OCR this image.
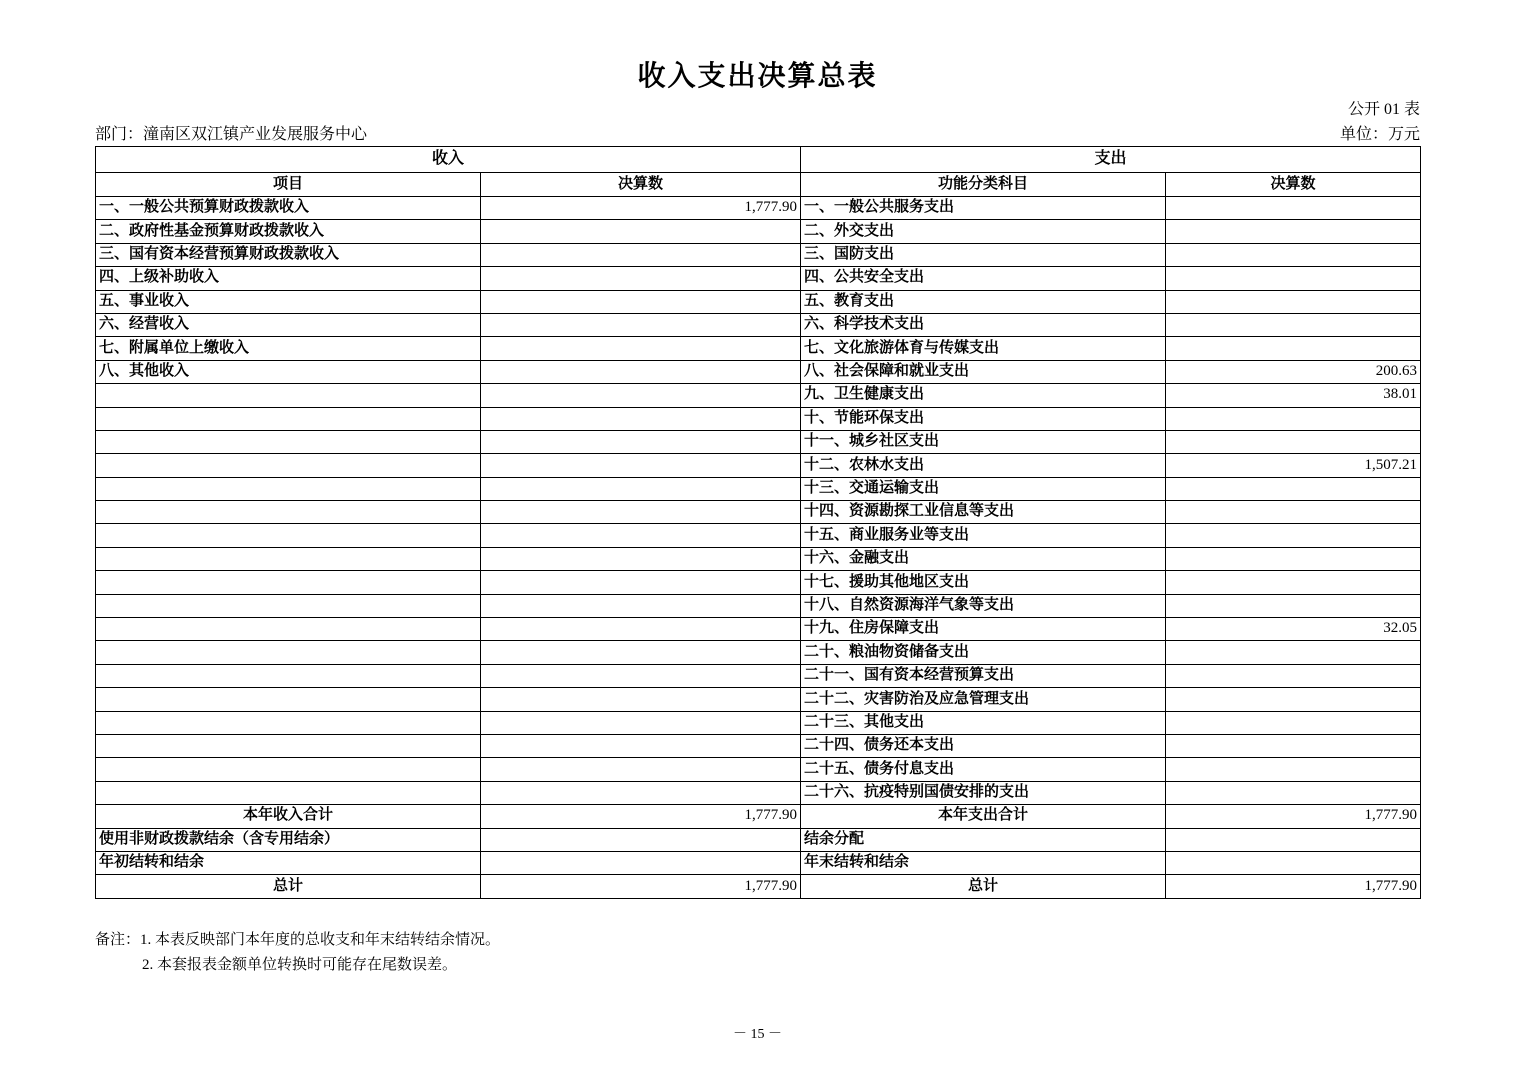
收入支出决算总表
公开 01 表
部门：潼南区双江镇产业发展服务中心	单位：万元
收入		支出	
项目	决算数	功能分类科目	决算数
一、一般公共预算财政拨款收入	1,777.90	一、一般公共服务支出	
二、政府性基金预算财政拨款收入		二、外交支出	
三、国有资本经营预算财政拨款收入		三、国防支出	
四、上级补助收入		四、公共安全支出	
五、事业收入		五、教育支出	
六、经营收入		六、科学技术支出	
七、附属单位上缴收入		七、文化旅游体育与传媒支出	
八、其他收入		八、社会保障和就业支出	200.63
		九、卫生健康支出	38.01
		十、节能环保支出	
		十一、城乡社区支出	
		十二、农林水支出	1,507.21
		十三、交通运输支出	
		十四、资源勘探工业信息等支出	
		十五、商业服务业等支出	
		十六、金融支出	
		十七、援助其他地区支出	
		十八、自然资源海洋气象等支出	
		十九、住房保障支出	32.05
		二十、粮油物资储备支出	
		二十一、国有资本经营预算支出	
		二十二、灾害防治及应急管理支出	
		二十三、其他支出	
		二十四、债务还本支出	
		二十五、债务付息支出	
		二十六、抗疫特别国债安排的支出	
本年收入合计	1,777.90	本年支出合计	1,777.90
使用非财政拨款结余（含专用结余）		结余分配	
年初结转和结余		年末结转和结余	
总计	1,777.90	总计	1,777.90
备注：1. 本表反映部门本年度的总收支和年末结转结余情况。
2. 本套报表金额单位转换时可能存在尾数误差。
－ 15 －
